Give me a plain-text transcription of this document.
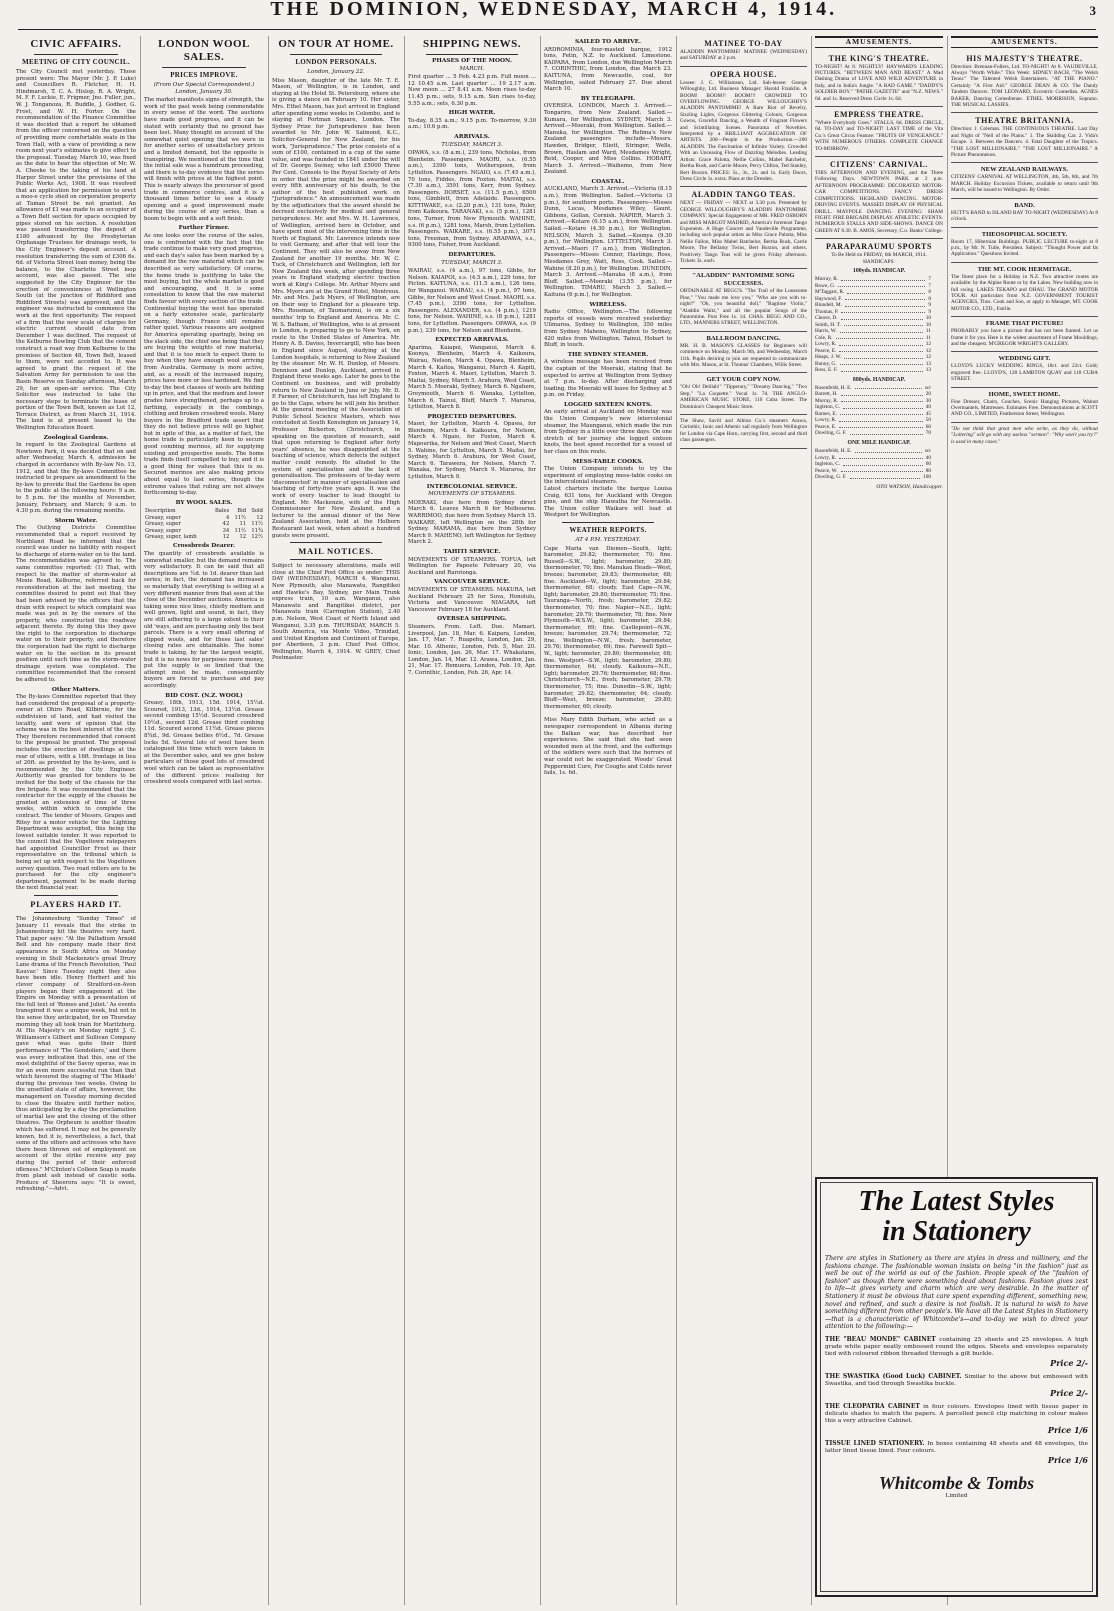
THE DOMINION, WEDNESDAY, MARCH 4, 1914.	3
CIVIC AFFAIRS.
MEETING OF CITY COUNCIL.
The City Council met yesterday. Those present were: The Mayor (Mr. J. P. Luke) and Councillors R. Fletcher, H. H. Hindmarsh, T. C. A. Hislop, R. A. Wright, M. F. F. Luckie, E. Frigmer, Jno. Fuller, jun., W. J. Tonganoza, R. Buddle, J. Godber, G. Frost, and W. H. Forter. On the recommendation of the Finance Committee it was decided that a report be obtained from the officer concerned on the question of providing more comfortable seats in the Town Hall, with a view of providing a new room next year's estimates to give effect to the proposal. Tuesday, March 10, was fixed as the date to hear the objection of Mr. W. A. Cheeke to the taking of his land at Harper Street under the provisions of the Public Works Act, 1908. It was resolved that an application for permission to erect a moo-e cycle shed on corporation property at Taman Street be not granted. An allowance of £1 was made to an occupier of a Town Belt section for space occupied by pipes stored on his section. A resolution was passed transferring the deposit of £180 advanced by the Presbyterian Orphanage Trustees for drainage work, to the City Engineer's deposit account. A resolution transferring the sum of £306 6s. 6d. of Victoria Street loan money, being the balance, to the Charlotte Street loop account, was also passed. The site suggested by the City Engineer for the erection of conveniences at Wellington South (at the junction of Riddiford and Riddiford Streets) was approved, and the engineer was instructed to commence the work at the first opportunity. The request of a firm that the new scale of charges for electric current should date from December 1 was declined. The request of the Kelburne Bowling Club that the cement construct a road way from Kelburne to the premises of Section 48, Town Belt, leased to them, were not acceded to. It was agreed to grant the request of the Salvation Army for permission to use the Basin Reserve on Sunday afternoon, March 29, for an open-air service. The City Solicitor was instructed to take the necessary steps to terminate the lease of portion of the Town Belt, known as Lot 12, Terrace District, as from March 31, 1914. The land is at present leased to the Wellington Education Board.
Zoological Gardens.
In regard to the Zoological Gardens at Newtown Park, it was decided that on and after Wednesday, March 4, admission be charged in accordance with By-law No. 13, 1912, and that the By-laws Committee be instructed to prepare an amendment to the by-law to provide that the Gardens be open to the public at the following hours: 9 a.m. to 5 p.m. for the months of November, January, February, and March; 9 a.m. to 4.30 p.m. during the remaining months.
Storm Water.
The Outlying Districts Committee recommended that a report received by Northland Road be informed that the council was under no liability with respect to discharge of storm-water on to the land. The recommendation was agreed to. The same committee reported: (1) That, with respect to the matter of storm-water at Moxie Road, Kelburne, referred back for reconsideration at the last meeting, the committee desired to point out that they had been advised by the officers that the drain with respect to which complaint was made was put in by the owners of the property, who constructed the roadway adjacent thereto. By doing this they gave the right to the corporation to discharge water on to their property, and therefore the corporation had the right to discharge water on to the section in its present position until such time as the storm-water drainage system was completed. The committee recommended that the consent be adhered to.
Other Matters.
The By-laws Committee reported that they had considered the proposal of a property-owner at Ohiro Road, Kilbirnie, for the subdivision of land, and had visited the locality, and were of opinion that the scheme was in the best interest of the city. They therefore recommended that consent to the proposal be granted. The proposal includes the erection of dwellings at the rear of others, with a 16ft. frontage in lieu of 20ft. as provided by the by-laws, and is recommended by the City Engineer. Authority was granted for tenders to be invited for the body of the chassis for the fire brigade. It was recommended that the contractor for the supply of the chassis be granted an extension of time of three weeks, within which to complete the contract. The tender of Messrs. Grapes and Ritey for a motor vehicle for the Lighting Department was accepted, this being the lowest suitable tender. It was reported to the council that the Vogeltown ratepayers had appointed Councillor Frost as their representative on the tribunal which is being set up with respect to the Vogeltown survey question. Two road rollers are to be purchased for the city engineer's department, payment to be made during the next financial year.
PLAYERS HARD IT.
The Johannesburg "Sunday Times" of January 11 reveals that the strike in Johannesburg hit the theatres very hard. That paper says: "At the Palladium Arnold Bell and his company made their first appearance in South Africa on Monday evening in Stoll Mackenzie's great Drury Lane drama of the French Revolution, 'Paul Kauvar.' Since Tuesday night they also have been idle. Henry Herbert and his clever company of Stratford-on-Avon players began their engagement at the Empire on Monday with a presentation of the full text of 'Romeo and Juliet.' As events transpired it was a unique week, but not in the sense they anticipated, for on Thursday morning they all took train for Maritzburg. At His Majesty's on Monday night J. C. Williamson's Gilbert and Sullivan Company gave what was quite their third performance of 'The Gondoliers,' and there was every indication that this, one of the most delightful of the Savoy operas, was in for an even more successful run than that which favoured the staging of 'The Mikado' during the previous two weeks. Owing to the unsettled state of affairs, however, the management on Tuesday morning decided to close the theatre until further notice, thus anticipating by a day the proclamation of martial law and the closing of the other theatres. The Orpheum is another theatre which has suffered. It may not be generally known, but it is, nevertheless, a fact, that some of the others and actresses who have there been thrown out of employment on account of the strike receive any pay during the period of their enforced idleness." M'Clinton's Colleen Soap is made from plant ash instead of caustic soda. Produce of Sheerora says: "It is sweet, refreshing."—Advt.
LONDON WOOL SALES.
PRICES IMPROVE.
(From Our Special Correspondent.) London, January 30.
The market manifests signs of strength, the work of the past week being commendable in every sense of the word. The auctions have made good progress, and it can be stated with certainty that no ground has been lost. Many thought on account of the somewhat quiet opening that we were in for another series of unsatisfactory prices and a limited demand, but the opposite is transpiring. We mentioned at the time that the initial sale was a humdrum proceeding, and there is to-day evidence that the series will finish with prices at the highest point. This is nearly always the precursor of good trade in commerce centres, and it is a thousand times better to see a steady opening and a good improvement made during the course of any series, than a boom to begin with and a soft finish.
Further Firmer.
As one looks over the course of the sales, one is confronted with the fact that the trade continue to make very good progress, and each day's sales has been marked by a demand for the raw material which can be described as very satisfactory. Of course, the home trade is justifying to take the most buying, but the whole market is good and encouraging, and it is some consolation to know that the raw material finds favour with every section of the trade. Continental buying the west has operated on a fairly extensive scale, particularly Germany, though France still remains rather quiet. Various reasons are assigned for America operating sparingly, being on the slack side, the chief one being that they are buying the weights of raw material, and that it is too much to expect them to buy when they have enough wool arriving from Australia. Germany is more active, and, as a result of the increased inquiry, prices have more or less hardened. We find to-day the best classes of wools are holding up in price, and that the medium and lower grades have strengthened, perhaps up to a farthing, especially in the combings, clothing and broken crossbred wools. Many buyers in the Bradford trade assert that they do not believe prices will go higher, but in spite of this, as a matter of fact, the home trade is particularly keen to secure good combing merinos, all for supplying existing and prospective needs. The home trade finds itself compelled to buy, and it is a good thing for values that this is so. Secured merinos are also making prices about equal to last series, though the extreme values that ruling are not always forthcoming to-day.
BY WOOL SALES.
Description	Bales	Bid	Sold
Greasy, super	4	11½	12
Greasy, super	42	11	11½
Greasy, super	34	11½	11¾
Greasy, super, lamb	12	12	12½
Crossbreds Dearer.
The quantity of crossbreds available is somewhat smaller, but the demand remains very satisfactory. It can be said that all descriptions are ½d. to 1d. dearer than last series; in fact, the demand has increased so materially that everything is selling at a very different manner from that seen at the close of the December auctions. America is taking some nice lines, chiefly medium and well grown, light and sound, in fact, they are still adhering to a large extent to their old 'ways, and are purchasing only the best parcels. There is a very small offering of slipped wools, and for these last sales' closing rates are obtainable. The home trade is taking, by far the largest weight, but it is no news for purposes more money, put the supply is so limited that the attempt must be made, consequently buyers are forced to purchase and pay accordingly.
BID COST. (N.Z. WOOL)
Greasy, 18th, 1913, 15d. 1914, 15½d. Scoured, 1913, 13d., 1914, 13½d. Grease second combing 15½d. Scoured crossbred 10½d., second 12d. Grease third combing 11d. Scoured second 11½d. Grease pieces 8¾d., 9d. Grease bellies 6½d., 7d. Grease locks 5d. Several lots of wool have been catalogued this time which were taken in at the December sales, and we give below particulars of those good lots of crossbred wool which can be taken as representative of the different prices realising for crossbred wools compared with last series.
ON TOUR AT HOME.
LONDON PERSONALS.
London, January 22.
Miss Mason, daughter of the late Mr. T. E. Mason, of Wellington, is in London, and staying at the Hotel St. Petersburg, where she is giving a dance on February 10. Her sister, Mrs. Ethel Mason, has just arrived in England after spending some weeks in Colombo, and is staying at Portman Square, London. The Sydney Prize for Jurisprudence has been awarded to Mr. John W. Salmond, K.C., Solicitor-General for New Zealand, for his work, "Jurisprudence." The prize consists of a sum of £100, contained in a cup of the same value, and was founded in 1841 under the will of Dr. George Swiney, who left £5000 Three Per Cent. Consols to the Royal Society of Arts in order that the prize might be awarded on every fifth anniversary of his death, to the author of the best published work on "Jurisprudence." An announcement was made by the adjudicators that the award should be decreed exclusively for medical and general jurisprudence. Mr. and Mrs. W. H. Lawrence, of Wellington, arrived here in October, and have spent most of the intervening time in the North of England. Mr. Lawrence intends now to visit Germany, and after that will tour the Continent. They will also be away from New Zealand for another 19 months. Mr. W. C. Tuck, of Christchurch and Wellington, left for New Zealand this week, after spending three years in England studying electric traction work at King's College. Mr. Arthur Myers and Mrs. Myers are at the Grand Hotel, Montreux. Mr. and Mrs. Jack Myers, of Wellington, are on their way to England for a pleasure trip. Mrs. Rousman, of Taumarunui, is on a six months' trip to England and America. Mr. C. W. S. Batham, of Wellington, who is at present in London, is preparing to go to New York, en route to the United States of America. Mr. Henry A. B. Davies, Invercargill, who has been in England since August, studying at the London hospitals, is returning to New Zealand by the steamer. Mr. W. H. Dunlop, of Messrs. Dennison and Dunlop, Auckland, arrived in England three weeks ago. Later he goes to the Continent on business, and will probably return to New Zealand in June or July. Mr. D. P. Farmer, of Christchurch, has left England to go to the Cape, where he will join his brother. At the general meeting of the Association of Public School Science Masters, which was concluded at South Kensington on January 14, Professor Bickerton, Christchurch, in speaking on the question of research, said that upon returning to England after forty years' absence, he was disappointed at the teaching of science, which defects the subject matter could remedy. He alluded to the system of specialisation and the lack of generalisation. The professors of to-day were 'disconnected' in manner of specialisation and teaching of forty-five years ago. It was the work of every teacher to lead thought to England. Mr. Mackenzie, wife of the High Commissioner for New Zealand, and a lecturer to the annual dinner of the New Zealand Association, held at the Holborn Restaurant last week, when about a hundred guests were present.
MAIL NOTICES.
Subject to necessary alterations, mails will close at the Chief Post Office as under: THIS DAY (WEDNESDAY), MARCH 4. Wanganui, New Plymouth, also Manawatu, Rangitikei and Hawke's Bay, Sydney, per Main Trunk express train, 10 a.m. Wanganui, also Manawatu and Rangitikei district, per Manawatu train (Carrington Station), 2.40 p.m. Nelson, West Coast of North Island and Wanganui, 3.35 p.m. THURSDAY, MARCH 5. South America, via Monte Video, Trinidad, and United Kingdom and Continent of Europe, per Aberdeen, 3 p.m. Chief Post Office, Wellington, March 4, 1914. W. GREY, Chief Postmaster.
SHIPPING NEWS.
PHASES OF THE MOON.
MARCH.
First quarter ... 5 Feb. 4.23 p.m. Full moon ... 12 10.45 a.m. Last quarter ... 19 2.17 a.m. New moon ... 27 8.41 a.m. Moon rises to-day 11.45 p.m.; sets, 9.15 a.m. Sun rises to-day, 5.55 a.m.; sets, 6.30 p.m.
HIGH WATER.
To-day, 8.35 a.m.; 9.15 p.m. To-morrow, 9.30 a.m.; 10.6 p.m.
ARRIVALS.
TUESDAY, MARCH 3.
OPAWA, s.s. (8 a.m.), 239 tons, Nicholas, from Blenheim. Passengers. MAORI, s.s. (6.55 a.m.), 3390 tons, Wotherspoon, from Lyttelton. Passengers. NGAIO, s.s. (7.45 a.m.), 70 tons, Fiddes, from Foxton. MAITAI, s.s. (7.30 a.m.), 3591 tons, Kerr, from Sydney. Passengers. DORSET, s.s. (11.5 p.m.), 6500 tons, Gimblett, from Adelaide. Passengers. KITTIWAKE, s.s. (2.20 p.m.), 131 tons, Ruler, from Kaikoura. TARANAKI, s.s. (5 p.m.), 1281 tons, Turner, from New Plymouth. WAHINE, s.s. (6 p.m.), 1281 tons, Marsh, from Lyttelton. Passengers. WAIKARE, s.s. (6.55 p.m.), 3071 tons, Freeman, from Sydney. ARAPAWA, s.s., 9300 tons, Fisher, from Auckland.
DEPARTURES.
TUESDAY, MARCH 3.
WAIRAU, s.s. (4 a.m.), 97 tons, Gibbs, for Nelson. KAIAPOI, s.s. (4.5 a.m.), 229 tons, for Picton. KAITUNA, s.s. (11.5 a.m.), 126 tons, for Wanganui. WAIRAU, s.s. (4 p.m.), 97 tons, Gibbs, for Nelson and West Coast. MAORI, s.s. (7.45 p.m.), 3390 tons, for Lyttelton. Passengers. ALEXANDER, s.s. (4 p.m.), 1219 tons, for Nelson. WAHINE, s.s. (8 p.m.), 1281 tons, for Lyttelton. Passengers. OPAWA, s.s. (9 p.m.), 239 tons, for Nelson and Blenheim.
EXPECTED ARRIVALS.
Aparima, Kaiapoi, Wanganui, March 4. Koonya, Blenheim, March 4. Kaikoura, Wairau, Nelson, March 4. Opawa, Blenheim, March 4. Kaitoa, Wanganui, March 4. Kapiti, Foxton, March 4. Maori, Lyttelton, March 5. Maitai, Sydney, March 5. Arahura, West Coast, March 5. Moeraki, Sydney, March 6. Ngahere, Greymouth, March 6. Wanaka, Lyttelton, March 6. Tainui, Bluff, March 7. Mararoa, Lyttelton, March 8.
PROJECTED DEPARTURES.
Maori, for Lyttelton, March 4. Opawa, for Blenheim, March 4. Kaikoura, for Nelson, March 4. Ngaio, for Foxton, March 4. Mapourika, for Nelson and West Coast, March 5. Wahine, for Lyttelton, March 5. Maitai, for Sydney, March 6. Arahura, for West Coast, March 6. Tarawera, for Nelson, March 7. Wanaka, for Sydney, March 9. Mararoa, for Lyttelton, March 9.
INTERCOLONIAL SERVICE.
MOVEMENTS OF STEAMERS.
MOERAKI, due here from Sydney direct March 6. Leaves March 6 for Melbourne. WARRIMOO, due here from Sydney March 15. WAIKARE, left Wellington on the 28th for Sydney. MARAMA, due here from Sydney March 9. MAHENO, left Wellington for Sydney March 2.
TAHITI SERVICE.
MOVEMENTS OF STEAMERS. TOFUA, left Wellington for Papeete February 20, via Auckland and Rarotonga.
VANCOUVER SERVICE.
MOVEMENTS OF STEAMERS. MAKURA, left Auckland February 25 for Suva, Honolulu, Victoria and Vancouver. NIAGARA, left Vancouver February 18 for Auckland.
OVERSEA SHIPPING.
Steamers. From. Left. Due. Mamari, Liverpool, Jan. 18, Mar. 6. Kaipara, London, Jan. 17, Mar. 7. Ruapehu, London, Jan. 29, Mar. 10. Athenic, London, Feb. 5, Mar. 20. Ionic, London, Jan. 26, Mar. 17. Whakatane, London, Jan. 14, Mar. 12. Arawa, London, Jan. 21, Mar. 17. Remuera, London, Feb. 19, Apr. 7. Corinthic, London, Feb. 26, Apr. 14.
SAILED TO ARRIVE.
ARDROMINIA, four-masted barque, 1912 tons, Fetin, N.Z. to Auckland. Limestone. KAIPARA, from London, due Wellington March 7. CORINTHIC, from London, due March 23. KAITUNA, from Newcastle, coal, for Wellington, sailed February 27. Due about March 10.
BY TELEGRAPH.
OVERSEA. LONDON, March 3. Arrived.—Tongariro, from New Zealand. Sailed.—Kumara, for Wellington. SYDNEY, March 3. Arrived.—Moeraki, from Wellington. Sailed.—Manuka, for Wellington. The Refima's New Zealand passengers include—Messrs. Hawden, Bridger, Eliott, Stringer, Wells, Brown, Haslam and Ward, Mesdames Wright, Reid, Cooper, and Miss Collins. HOBART, March 3. Arrived.—Waihemo, from New Zealand.
COASTAL.
AUCKLAND, March 3. Arrived.—Victoria (8.15 a.m.), from Wellington. Sailed.—Victoria (3 p.m.), for southern ports. Passengers—Misses Dunn, Lucas, Mesdames Wiley, Gaunt, Gibbons, Gollan, Cornish. NAPIER, March 3. Arrived.—Kotare (6.15 a.m.), from Wellington. Sailed.—Kotare (4.30 p.m.), for Wellington. NELSON, March 3. Sailed.—Koonya (9.30 p.m.), for Wellington. LYTTELTON, March 3. Arrived.—Maori (7 a.m.), from Wellington. Passengers—Misses Connor, Hastings, Ross, Mesdames Grey, Watt, Ross, Cook. Sailed.—Wahine (8.20 p.m.), for Wellington. DUNEDIN, March 3. Arrived.—Manuka (8 a.m.), from Bluff. Sailed.—Moeraki (3.55 p.m.), for Wellington. TIMARU, March 3. Sailed.—Kaituna (6 p.m.), for Wellington.
WIRELESS.
Radio Office, Wellington.—The following reports of vessels were received yesterday: Ulimaroa, Sydney to Wellington, 350 miles from Sydney. Maheno, Wellington to Sydney, 420 miles from Wellington. Tainui, Hobart to Bluff, in touch.
THE SYDNEY STEAMER.
A wireless message has been received from the captain of the Moeraki, stating that he expected to arrive at Wellington from Sydney at 7 p.m. to-day. After discharging and loading, the Moeraki will leave for Sydney at 5 p.m. on Friday.
LOGGED SIXTEEN KNOTS.
An early arrival at Auckland on Monday was the Union Company's new intercolonial steamer, the Maunganui, which made the run from Sydney in a little over three days. On one stretch of her journey she logged sixteen knots, the best speed recorded for a vessel of her class on this route.
MESS-TABLE COOKS.
The Union Company intends to try the experiment of employing mess-table cooks on the intercolonial steamers.
Latest charters include the barque Louisa Craig, 631 tons, for Auckland with Oregon pine, and the ship Hiawatha for Newcastle. The Union collier Waikare will load at Westport for Wellington.
WEATHER REPORTS.
AT 4 P.M. YESTERDAY.
Cape Maria van Diemen—South, light; barometer, 29.82; thermometer, 70; fine. Russell—S.W., light; barometer, 29.80; thermometer, 70; fine. Manukau Heads—West, breeze; barometer, 29.83; thermometer, 68; fine. Auckland—W., light; barometer, 29.84; thermometer, 68; cloudy. East Cape—N.W., light; barometer, 29.80; thermometer, 75; fine. Tauranga—North, fresh; barometer, 29.82; thermometer, 70; fine. Napier—N.E., light; barometer, 29.79; thermometer, 78; fine. New Plymouth—W.S.W., light; barometer, 29.84; thermometer, 69; fine. Castlepoint—N.W., breeze; barometer, 29.74; thermometer, 72; fine. Wellington—N.W., fresh; barometer, 29.76; thermometer, 69; fine. Farewell Spit—W., light; barometer, 29.80; thermometer, 68; fine. Westport—S.W., light; barometer, 29.80; thermometer, 64; cloudy. Kaikoura—N.E., light; barometer, 29.76; thermometer, 68; fine. Christchurch—N.E., fresh; barometer, 29.79; thermometer, 75; fine. Dunedin—S.W., light; barometer, 29.82; thermometer, 64; cloudy. Bluff—West, breeze; barometer, 29.80; thermometer, 60; cloudy.
Miss Mary Edith Durham, who acted as a newspaper correspondent in Albania during the Balkan war, has described her experiences. She said that she had seen wounded men at the front, and the sufferings of the soldiers were such that the horrors of war could not be exaggerated. Woods' Great Peppermint Cure, For Coughs and Colds never fails, 1s. 6d.
MATINEE TO-DAY
ALADDIN PANTOMIME! MATINEE (WEDNESDAY) and SATURDAY at 2 p.m.
OPERA HOUSE.
Lessee: J. C. Williamson, Ltd. Sub-lessee: George Willoughby, Ltd. Business Manager: Harold Franklin. A BOOM! BOOM!! BOOM!!! CROWDED TO OVERFLOWING. GEORGE WILLOUGHBY'S ALADDIN PANTOMIME! A Rare Riot of Revelry, Sizzling Lights, Gorgeous Glittering Colours, Gorgeous Gowns, Graceful Dancing, a Wealth of Fragrant Flowers and Scintillating Scenes. Panorama of Novelties. Interpreted by a BRILLIANT AGGREGATION OF ARTISTS. 200—People in the Production.—200 ALADDIN. The Fascination of Infinite Variety. Crowded With an Unceasing Flow of Dazzling Melodies. Leading Artists: Grace Palotta, Nellie Collins, Mabel Batchelor, Bertha Rush, and Carrie Moore, Percy Clifton, Ted Stanley, Bert Buxton. PRICES: 5s., 3s., 2s. and 1s. Early Doors, Dress Circle 1s. extra. Plans at the Dresden.
ALADDIN TANGO TEAS.
NEXT — FRIDAY — NEXT at 3.30 p.m. Presented by GEORGE WILLOUGHBY'S ALADDIN PANTOMIME COMPANY. Special Engagement of MR. FRED OSBORN and MISS MARGOT MADRID, America's foremost Tango Exponents. A Huge Concert and Vaudeville Programme, including such popular artists as Miss Grace Palotta, Miss Nellie Fallon, Miss Mabel Batchelor, Bertha Rush, Carrie Moore, The Bellamy Twins, Bert Buxton, and others. Positively Tango Teas will be given Friday afternoon. Tickets 3s. each.
"ALADDIN" PANTOMIME SONG SUCCESSES.
OBTAINABLE AT BEGG'S. "The Trail of the Lonesome Pine," "You made me love you," "Who are you with to-night?" "Oh, you beautiful doll," "Ragtime Violin," "Aladdin Waltz," and all the popular Songs of the Pantomime. Post Free 1s. 1d. CHAS. BEGG AND CO., LTD., MANNERS STREET, WELLINGTON.
BALLROOM DANCING.
MR. H. B. MASON'S CLASSES for Beginners will commence on Monday, March 9th, and Wednesday, March 11th. Pupils desiring to join are requested to communicate with Mrs. Mason, at St. Thomas' Chambers, Willis Street.
GET YOUR COPY NOW.
"Oh! Oh! Delilah!" "Tipperary," "Dreamy Dancing," "Two Step," "La Coquette." Vocal 1s. 7d. THE ANGLO-AMERICAN MUSIC STORE, 110 Cuba Street. The Dominion's Cheapest Music Store.
The Shaw, Savill and Albion Co.'s steamers Arawa, Corinthic, Ionic and Athenic sail regularly from Wellington for London via Cape Horn, carrying first, second and third class passengers.
AMUSEMENTS.
THE KING'S THEATRE.
TO-NIGHT! At 8. NIGHTLY! HAYWARD'S LEADING PICTURES. "BETWEEN MAN AND BEAST." A Mad Dashing Drama of LOVE AND WILD ADVENTURE in Italy, and in India's Jungle. "A BAD GAME." "DADDY'S SOLDIER BOY." "PATHE GAZETTE" and "N.Z. NEWS." 6d. and 1s. Reserved Dress Circle 1s. 6d.
EMPRESS THEATRE.
"Where Everybody Goes." STALLS, 6d. DRESS CIRCLE, 6d. TO-DAY and TO-NIGHT! LAST TIME of the Vita Co.'s Great Circus Feature: "FRUITS OF VENGEANCE." WITH NUMEROUS OTHERS. COMPLETE CHANGE TO-MORROW.
CITIZENS' CARNIVAL.
THIS AFTERNOON AND EVENING, and the Three Following Days. NEWTOWN PARK at 2 p.m. AFTERNOON PROGRAMME: DECORATED MOTOR-CAR COMPETITIONS. FANCY DRESS COMPETITIONS. HIGHLAND DANCING. MOTOR-DRIVING EVENTS. MASSED DISPLAY OF PHYSICAL DRILL. MAYPOLE DANCING. EVENING: SHAM FIGHT. FIRE BRIGADE DISPLAY. ATHLETIC EVENTS. NUMEROUS STALLS AND SIDE-SHOWS. DANCE ON GREEN AT 8.30. B. AMOS, Secretary, C.o. Banks' College.
PARAPARAUMU SPORTS
To Be Held on FRIDAY, 6th MARCH, 1914. HANDICAPS:
100yds. HANDICAP.
Murray, R.	7
Rowe, G.	7
M'Taggart, R.	8
Haywood, F.	8
Blundell, M.	9
Thomas, P.	9
Cleave, D.	10
Smith, H. T.	10
Harris, W.	11
Cole, R.	11
Lowry, R.	12
Pearce, E.	12
Heaps, J. W.	12
Bunny, G.	13
Ross, E. F.	13
880yds. HANDICAP.
Rosenfeldt, H. E.	scr
Barrett, H.	20
Murray, R.	30
Ingleton, C.	40
Barnes, E.	45
Lowry, R.	50
Pearce, E.	60
Dowling, G. F.	70
ONE MILE HANDICAP.
Rosenfeldt, H. E.	scr
Lowry, R.	40
Ingleton, C.	60
Pearce, W.	80
Dowling, G. F.	100
OTO WATSON, Handicapper.
AMUSEMENTS.
HIS MAJESTY'S THEATRE.
Direction: Brennan-Fullers, Ltd. TO-NIGHT! At 8. VAUDEVILLE. Always "Worth While." This Week: SIDNEY BACH, "The Welsh Tenor." The Talented Welsh Entertainers. "AT THE PIANO." Certainly "A First Aid." GEORGE DEAN & CO. The Dandy Tandem Dancers. TOM LEONARD, Eccentric Comedian. AGNES BAKER, Dancing Comedienne. ETHEL MORRISON, Soprano. THE MUSICAL LASSIES.
THEATRE BRITANNIA.
Direction: J. Coleman. THE CONTINUOUS THEATRE. Last Day and Night of "Nell of the Plains." 1. The Skidding Car. 2. Vida's Escape. 3. Between the Dancers. 4. Fatal Daughter of the Tropics. "THE LOST MILLIONAIRE." "THE LOST MILLIONAIRE." A Picture Phenomenon.
NEW ZEALAND RAILWAYS.
CITIZENS' CARNIVAL AT WELLINGTON, 4th, 5th, 6th, and 7th MARCH. Holiday Excursion Tickets, available to return until 9th March, will be issued to Wellington. By Order.
BAND.
HUTT'S BAND in ISLAND BAY TO-NIGHT (WEDNESDAY) At 8 o'clock.
THEOSOPHICAL SOCIETY.
Room 17, Hibernian Buildings. PUBLIC LECTURE to-night at 8 p.m., by Mr. N. Tulle, President. Subject: "Thought Power and Its Application." Questions Invited.
THE MT. COOK HERMITAGE.
The finest place for a Holiday in N.Z. Two attractive routes are available: by the Alpine Route or by the Lakes. New building now in full swing. LAKES TEKAPO and OHAU. The GRAND MOTOR TOUR. All particulars from N.Z. GOVERNMENT TOURIST AGENCIES, Thos. Cook and Son, or apply to Manager, MT. COOK MOTOR CO., LTD., Fairlie.
FRAME THAT PICTURE!
PROBABLY you have a picture that has not been framed. Let us frame it for you. Here is the widest assortment of Frame Mouldings, and the cheapest. M'GREGOR WRIGHT'S GALLERY.
WEDDING GIFT.
LLOYD'S LUCKY WEDDING RINGS, 18ct. and 22ct. Gold; engraved free. LLOYD'S, 128 LAMBTON QUAY and 118 CUBA STREET.
HOME, SWEET HOME.
Fine Dresser, Chairs, Couches, Scenic Hanging Pictures, Walnut Overmantels, Mattresses. Estimates Free. Demonstrations at SCOTT AND CO., LIMITED, Featherston Street, Wellington.
"Do not think that great men who write, as they do, without "Loitering" will go with any useless "sermon": "Why won't you try?" is used in many cases."
The Latest Styles
in Stationery
There are styles in Stationery as there are styles in dress and millinery, and the fashions change. The fashionable woman insists on being "in the fashion" just as well be out of the world as out of the fashion. People speak of the "fashion of fashion" as though there were something dead about fashions. Fashion gives zest to life—it gives variety and charm which are very desirable. In the matter of Stationery it must be obvious that care spent expending different, something new, novel and refined, and such a desire is not foolish. It is natural to wish to have something different from other people's. We have all the Latest Styles in Stationery—that is a characteristic of Whitcombe's—and to-day we wish to direct your attention to the following:—
THE "BEAU MONDE" CABINET containing 25 sheets and 25 envelopes. A high grade white paper neatly embossed round the edges. Sheets and envelopes separately tied with coloured ribbon threaded through a gilt buckle.
Price 2/-
THE SWASTIKA (Good Luck) CABINET. Similar to the above but embossed with Swastika, and tied through Swastika buckle.
Price 2/-
THE CLEOPATRA CABINET in four colours. Envelopes lined with tissue paper in delicate shades to match the papers. A parcelled pencil clip matching in colour makes this a very attractive Cabinet.
Price 1/6
TISSUE LINED STATIONERY. In boxes containing 48 sheets and 48 envelopes, the latter lined tissue lined. Four colours.
Price 1/6
Whitcombe & Tombs
Limited
